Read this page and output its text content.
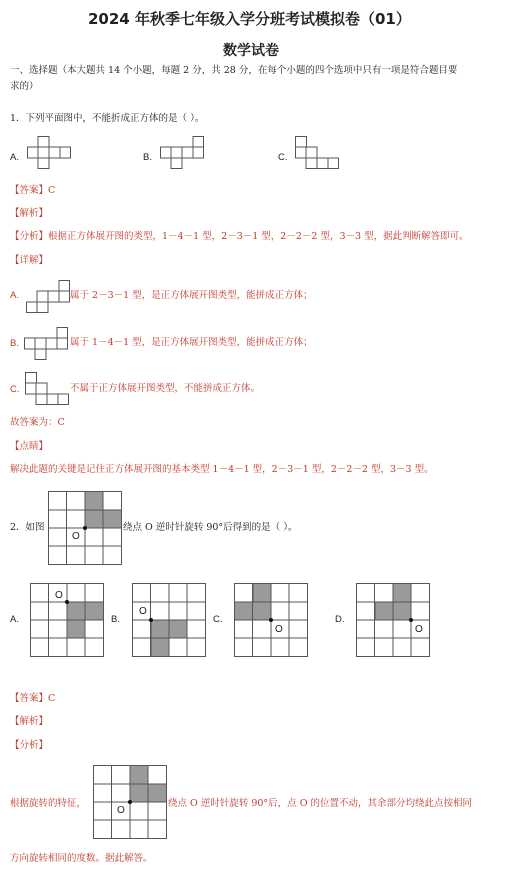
2024 年秋季七年级入学分班考试模拟卷（01）
数学试卷
一、选择题（本大题共 14 个小题，每题 2 分，共 28 分，在每个小题的四个选项中只有一项是符合题目要
求的）
1．下列平面图中，不能折成正方体的是（ ）。
A.	B.	C.
【答案】C
【解析】
【分析】根据正方体展开图的类型，1－4－1 型，2－3－1 型，2－2－2 型，3－3 型，据此判断解答即可。
【详解】
A.	属于 2－3－1 型，是正方体展开图类型，能拼成正方体；
B.	属于 1－4－1 型，是正方体展开图类型，能拼成正方体；
C.	不属于正方体展开图类型，不能拼成正方体。
故答案为：C
【点睛】
解决此题的关键是记住正方体展开图的基本类型 1－4－1 型，2－3－1 型，2－2－2 型，3－3 型。
2．如图
O
绕点 O 逆时针旋转 90°后得到的是（ ）。
A.
O
B.
O
C.
O
D.
O
【答案】C
【解析】
【分析】
根据旋转的特征，
O
绕点 O 逆时针旋转 90°后，点 O 的位置不动，其余部分均绕此点按相同
方向旋转相同的度数。据此解答。
